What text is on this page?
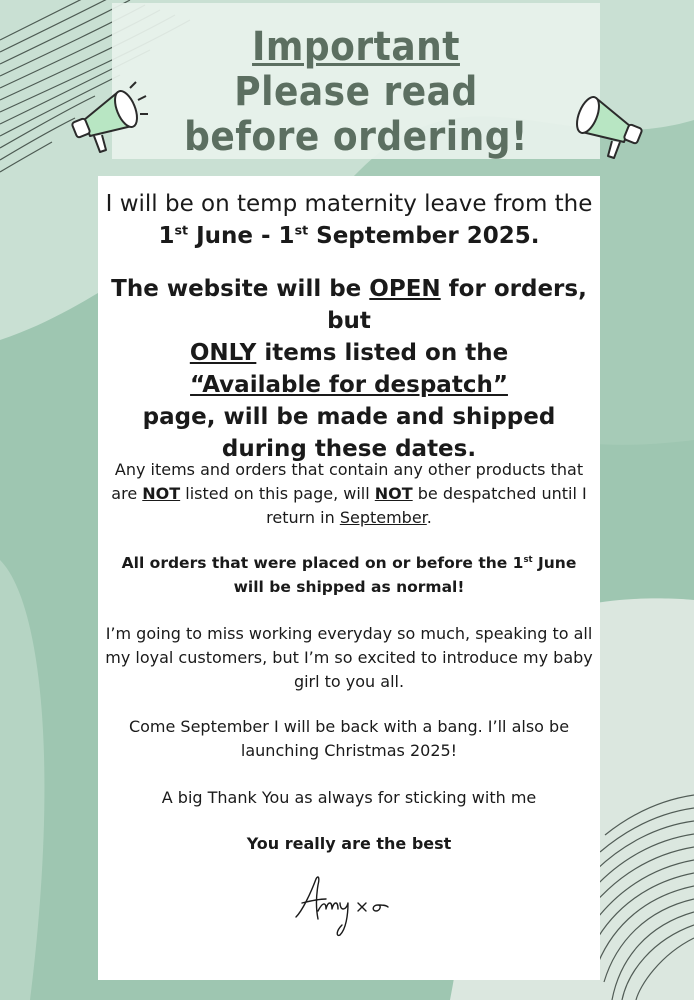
Important
Please read
before ordering!

I will be on temp maternity leave from the

1st June - 1st September 2025.

The website will be OPEN for orders, but
ONLY items listed on the
“Available for despatch”
page, will be made and shipped during these dates.

Any items and orders that contain any other products that are NOT listed on this page, will NOT be despatched until I return in September.

All orders that were placed on or before the 1st June will be shipped as normal!

I’m going to miss working everyday so much, speaking to all my loyal customers, but I’m so excited to introduce my baby girl to you all.

Come September I will be back with a bang. I’ll also be launching Christmas 2025!

A big Thank You as always for sticking with me

You really are the best
